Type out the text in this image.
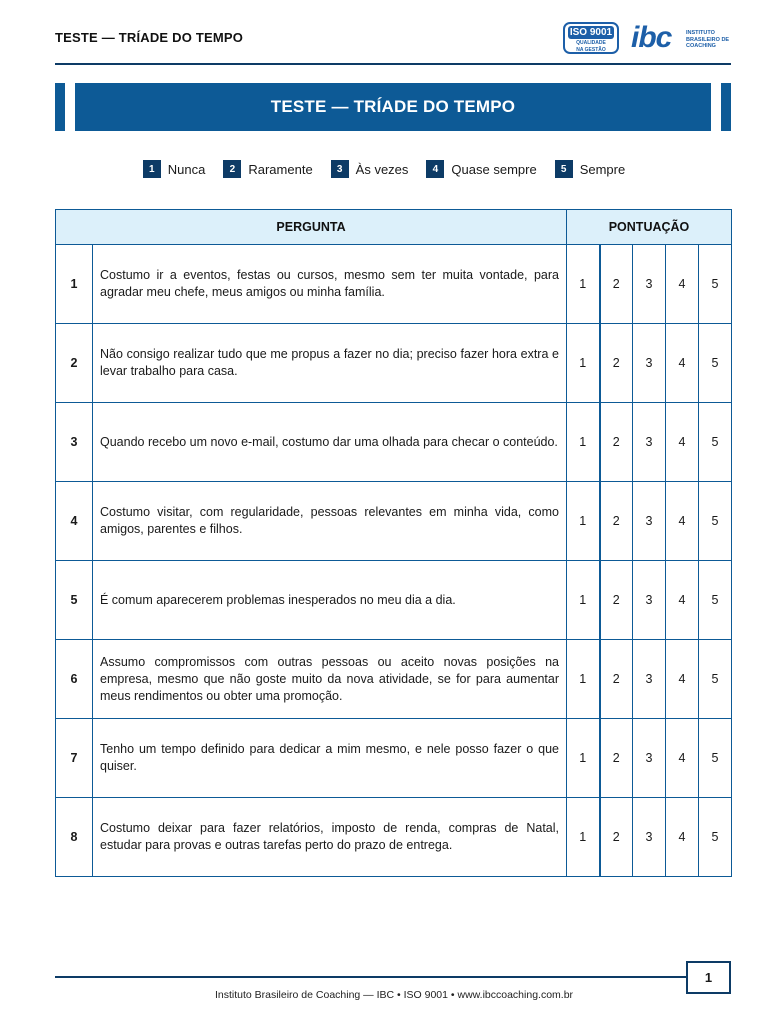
TESTE — TRÍADE DO TEMPO	ISO 9001
QUALIDADE
NA GESTÃO ibc	INSTITUTO
BRASILEIRO DE
COACHING
TESTE — TRÍADE DO TEMPO
1	Nunca	2	Raramente	3	Às vezes	4	Quase sempre	5	Sempre
PERGUNTA		PONTUAÇÃO				
1	Costumo ir a eventos, festas ou cursos, mesmo sem ter muita vontade, para agradar meu chefe, meus amigos ou minha família.	1	2	3	4	5
2	Não consigo realizar tudo que me propus a fazer no dia; preciso fazer hora extra e levar trabalho para casa.	1	2	3	4	5
3	Quando recebo um novo e-mail, costumo dar uma olhada para checar o conteúdo.	1	2	3	4	5
4	Costumo visitar, com regularidade, pessoas relevantes em minha vida, como amigos, parentes e filhos.	1	2	3	4	5
5	É comum aparecerem problemas inesperados no meu dia a dia.	1	2	3	4	5
6	Assumo compromissos com outras pessoas ou aceito novas posições na empresa, mesmo que não goste muito da nova atividade, se for para aumentar meus rendimentos ou obter uma promoção.	1	2	3	4	5
7	Tenho um tempo definido para dedicar a mim mesmo, e nele posso fazer o que quiser.	1	2	3	4	5
8	Costumo deixar para fazer relatórios, imposto de renda, compras de Natal, estudar para provas e outras tarefas perto do prazo de entrega.	1	2	3	4	5
1
Instituto Brasileiro de Coaching — IBC • ISO 9001 • www.ibccoaching.com.br
